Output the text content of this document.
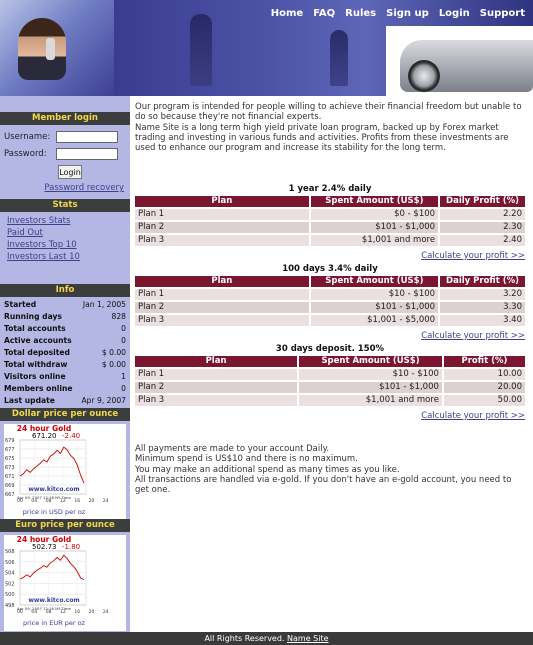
Home FAQ Rules Sign up Login Support
Member login
Username:
Password:
Login
Password recovery
Stats
Investors Stats
Paid Out
Investors Top 10
Investors Last 10
Info
Started	Jan 1, 2005
Running days	828
Total accounts	0
Active accounts	0
Total deposited	$ 0.00
Total withdraw	$ 0.00
Visitors online	1
Members online	0
Last update	Apr 9, 2007
Dollar price per ounce
24 hour Gold
671.20 -2.40
679
677
675
673
671
669
667
00 04 08 12 16 20 24
Apr 09, 2007 12:16 NY Time
www.kitco.com
price in USD per oz
Euro price per ounce
24 hour Gold
502.73 -1.80
508
506
504
502
500
498
00 04 08 12 16 20 24
Apr 09, 2007 12:16 NY Time
www.kitco.com
price in EUR per oz
Our program is intended for people willing to achieve their financial freedom but unable to do so because they're not financial experts.
Name Site is a long term high yield private loan program, backed up by Forex market trading and investing in various funds and activities. Profits from these investments are used to enhance our program and increase its stability for the long term.
1 year 2.4% daily
Plan	Spent Amount (US$)	Daily Profit (%)
Plan 1	$0 - $100	2.20
Plan 2	$101 - $1,000	2.30
Plan 3	$1,001 and more	2.40
Calculate your profit >>
100 days 3.4% daily
Plan	Spent Amount (US$)	Daily Profit (%)
Plan 1	$10 - $100	3.20
Plan 2	$101 - $1,000	3.30
Plan 3	$1,001 - $5,000	3.40
Calculate your profit >>
30 days deposit. 150%
Plan	Spent Amount (US$)	Profit (%)
Plan 1	$10 - $100	10.00
Plan 2	$101 - $1,000	20.00
Plan 3	$1,001 and more	50.00
Calculate your profit >>
All payments are made to your account Daily.
Minimum spend is US$10 and there is no maximum.
You may make an additional spend as many times as you like.
All transactions are handled via e-gold. If you don't have an e-gold account, you need to get one.
All Rights Reserved. Name Site
